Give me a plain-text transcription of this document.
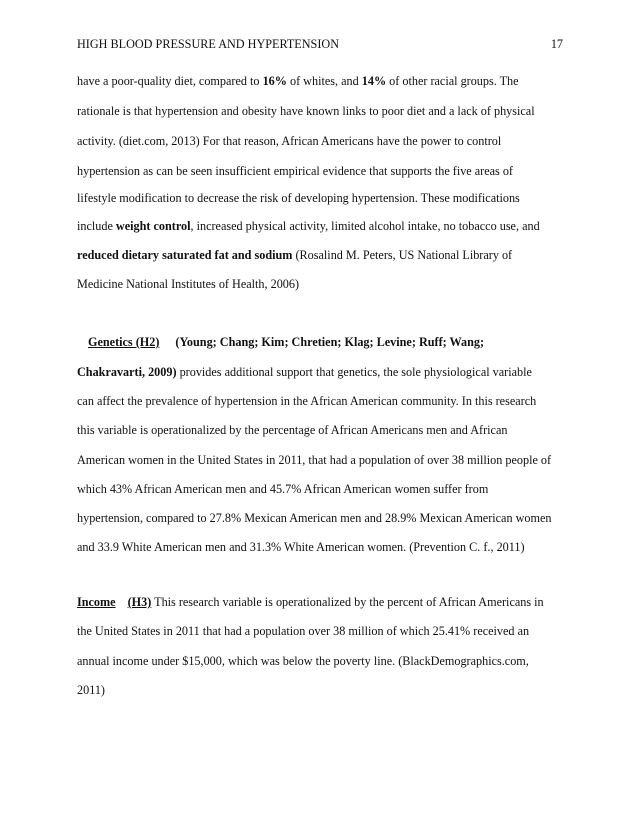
HIGH BLOOD PRESSURE AND HYPERTENSION	17
have a poor-quality diet, compared to 16% of whites, and 14% of other racial groups. The
rationale is that hypertension and obesity have known links to poor diet and a lack of physical
activity. (diet.com, 2013) For that reason, African Americans have the power to control
hypertension as can be seen insufficient empirical evidence that supports the five areas of
lifestyle modification to decrease the risk of developing hypertension. These modifications
include weight control, increased physical activity, limited alcohol intake, no tobacco use, and
reduced dietary saturated fat and sodium (Rosalind M. Peters, US National Library of
Medicine National Institutes of Health, 2006)
Genetics (H2) (Young; Chang; Kim; Chretien; Klag; Levine; Ruff; Wang;
Chakravarti, 2009) provides additional support that genetics, the sole physiological variable
can affect the prevalence of hypertension in the African American community. In this research
this variable is operationalized by the percentage of African Americans men and African
American women in the United States in 2011, that had a population of over 38 million people of
which 43% African American men and 45.7% African American women suffer from
hypertension, compared to 27.8% Mexican American men and 28.9% Mexican American women
and 33.9 White American men and 31.3% White American women. (Prevention C. f., 2011)
Income (H3) This research variable is operationalized by the percent of African Americans in
the United States in 2011 that had a population over 38 million of which 25.41% received an
annual income under $15,000, which was below the poverty line. (BlackDemographics.com,
2011)
